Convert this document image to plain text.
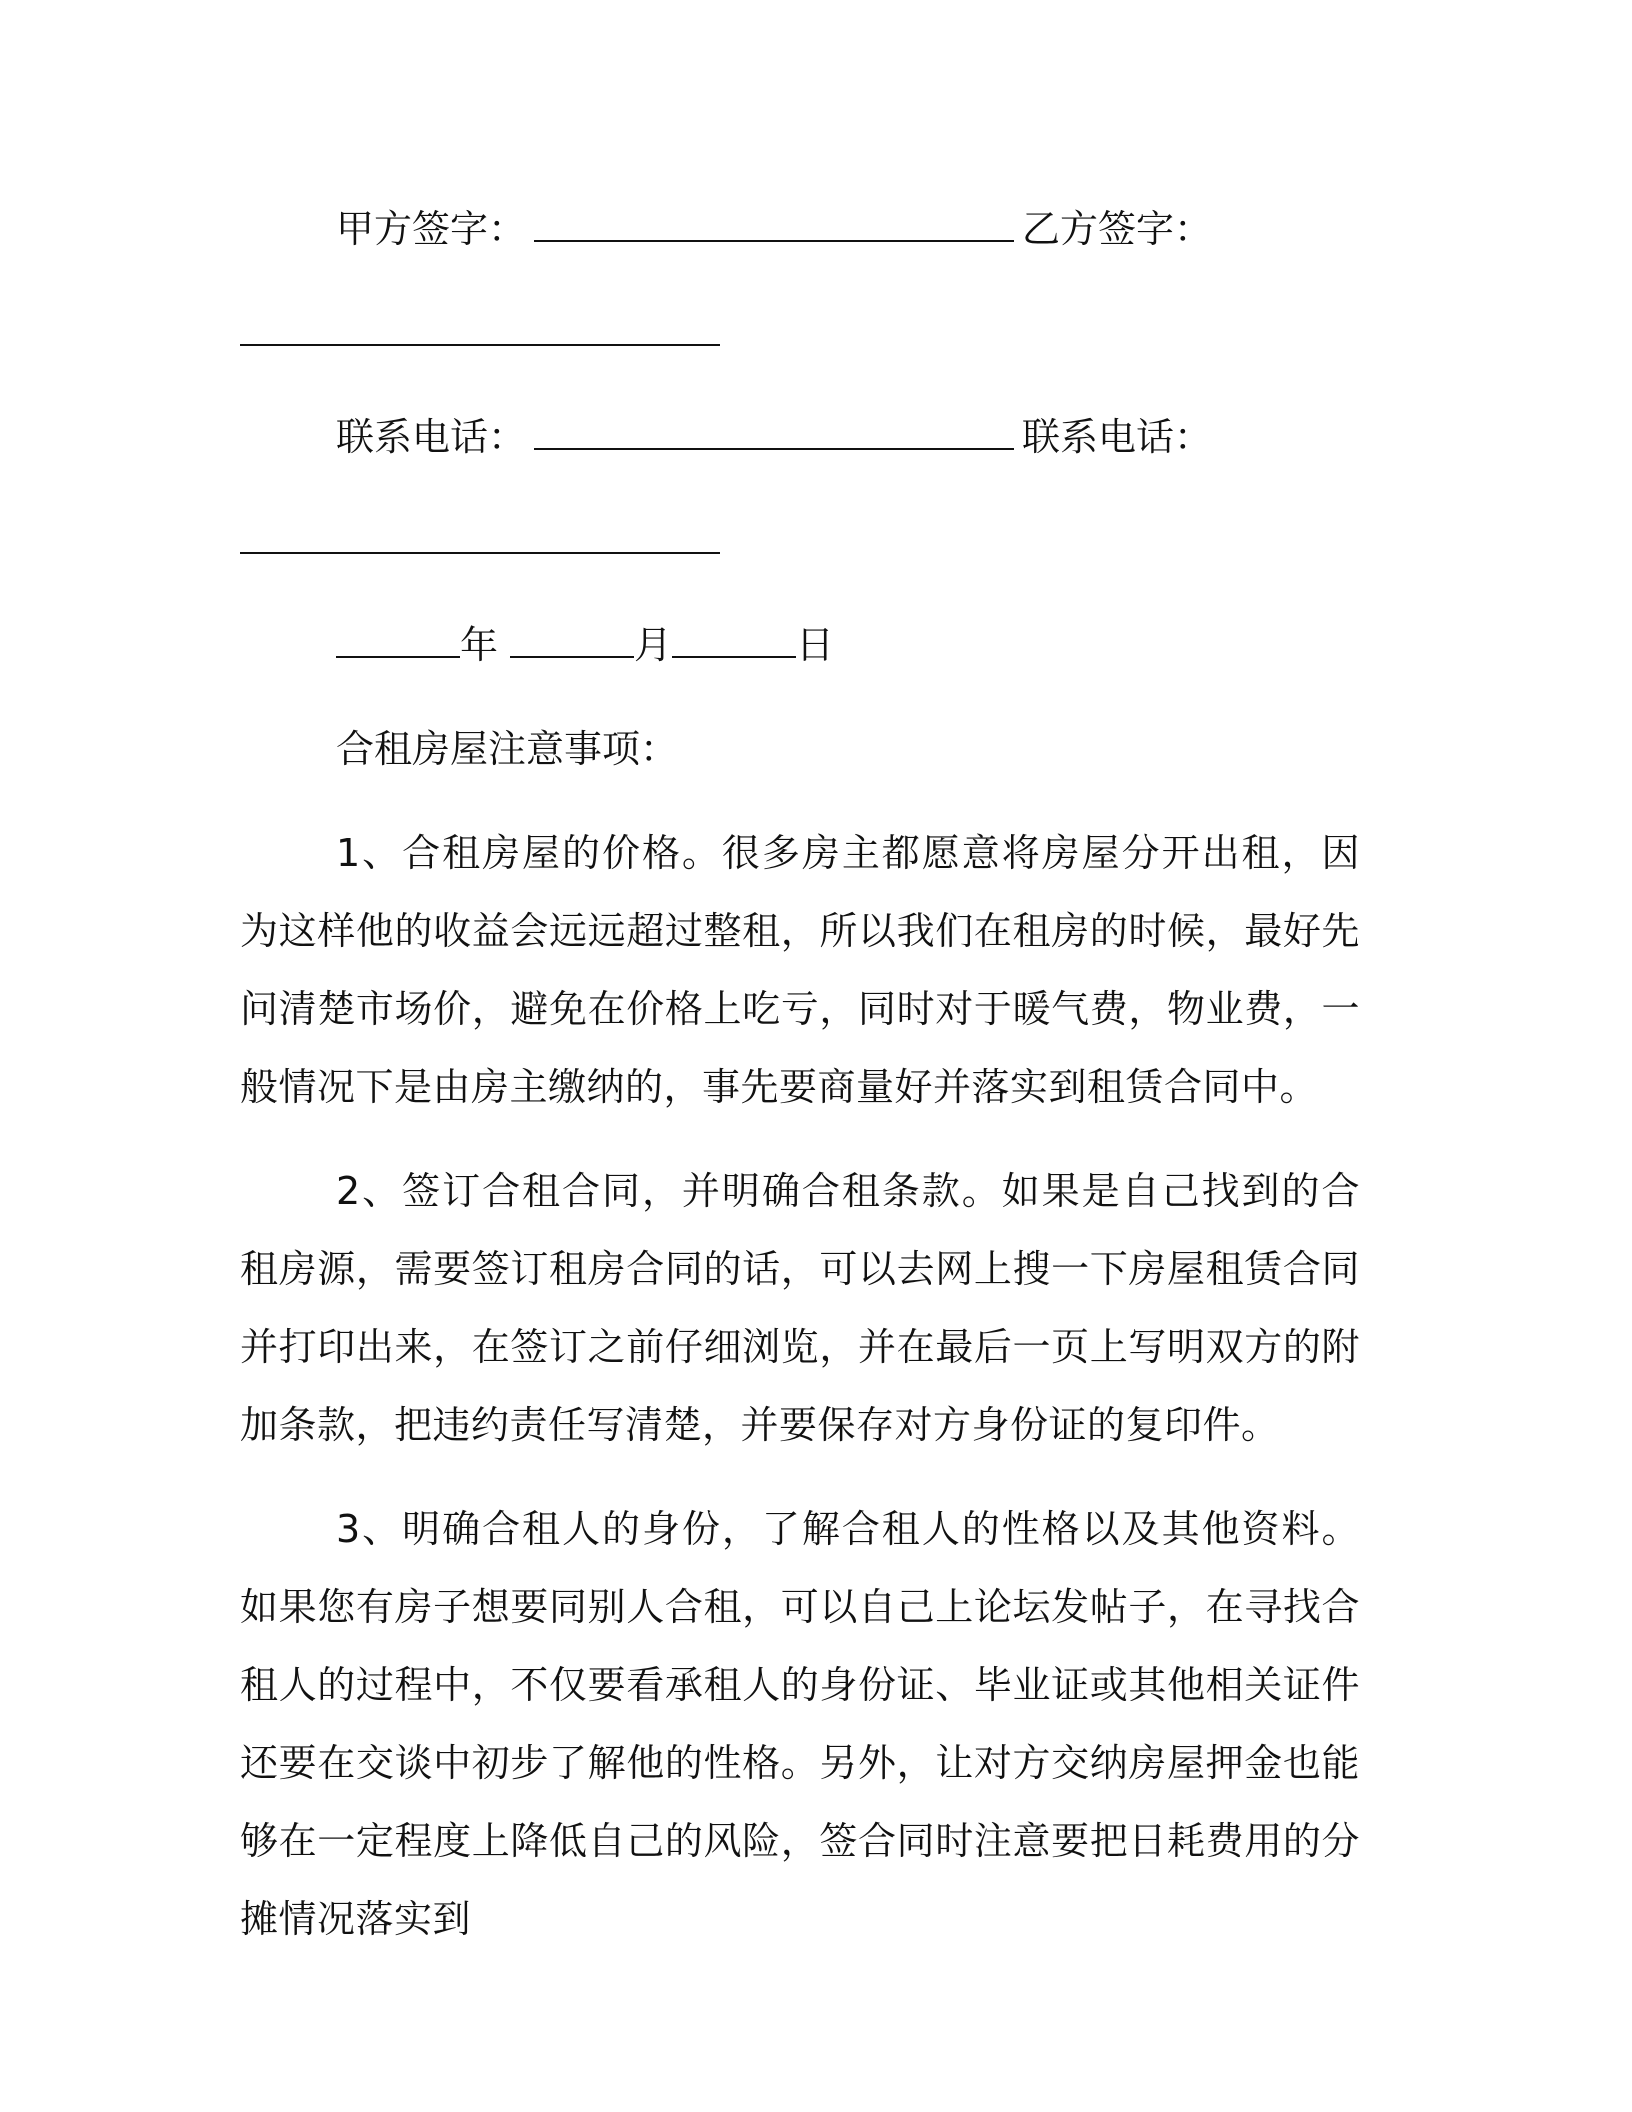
甲方签字：	乙方签字：
联系电话：	联系电话：
年	月	日
合租房屋注意事项：

1、合租房屋的价格。很多房主都愿意将房屋分开出租，因为这样他的收益会远远超过整租，所以我们在租房的时候，最好先问清楚市场价，避免在价格上吃亏，同时对于暖气费，物业费，一般情况下是由房主缴纳的，事先要商量好并落实到租赁合同中。

2、签订合租合同，并明确合租条款。如果是自己找到的合租房源，需要签订租房合同的话，可以去网上搜一下房屋租赁合同并打印出来，在签订之前仔细浏览，并在最后一页上写明双方的附加条款，把违约责任写清楚，并要保存对方身份证的复印件。

3、明确合租人的身份，了解合租人的性格以及其他资料。如果您有房子想要同别人合租，可以自己上论坛发帖子，在寻找合租人的过程中，不仅要看承租人的身份证、毕业证或其他相关证件还要在交谈中初步了解他的性格。另外，让对方交纳房屋押金也能够在一定程度上降低自己的风险，签合同时注意要把日耗费用的分摊情况落实到
